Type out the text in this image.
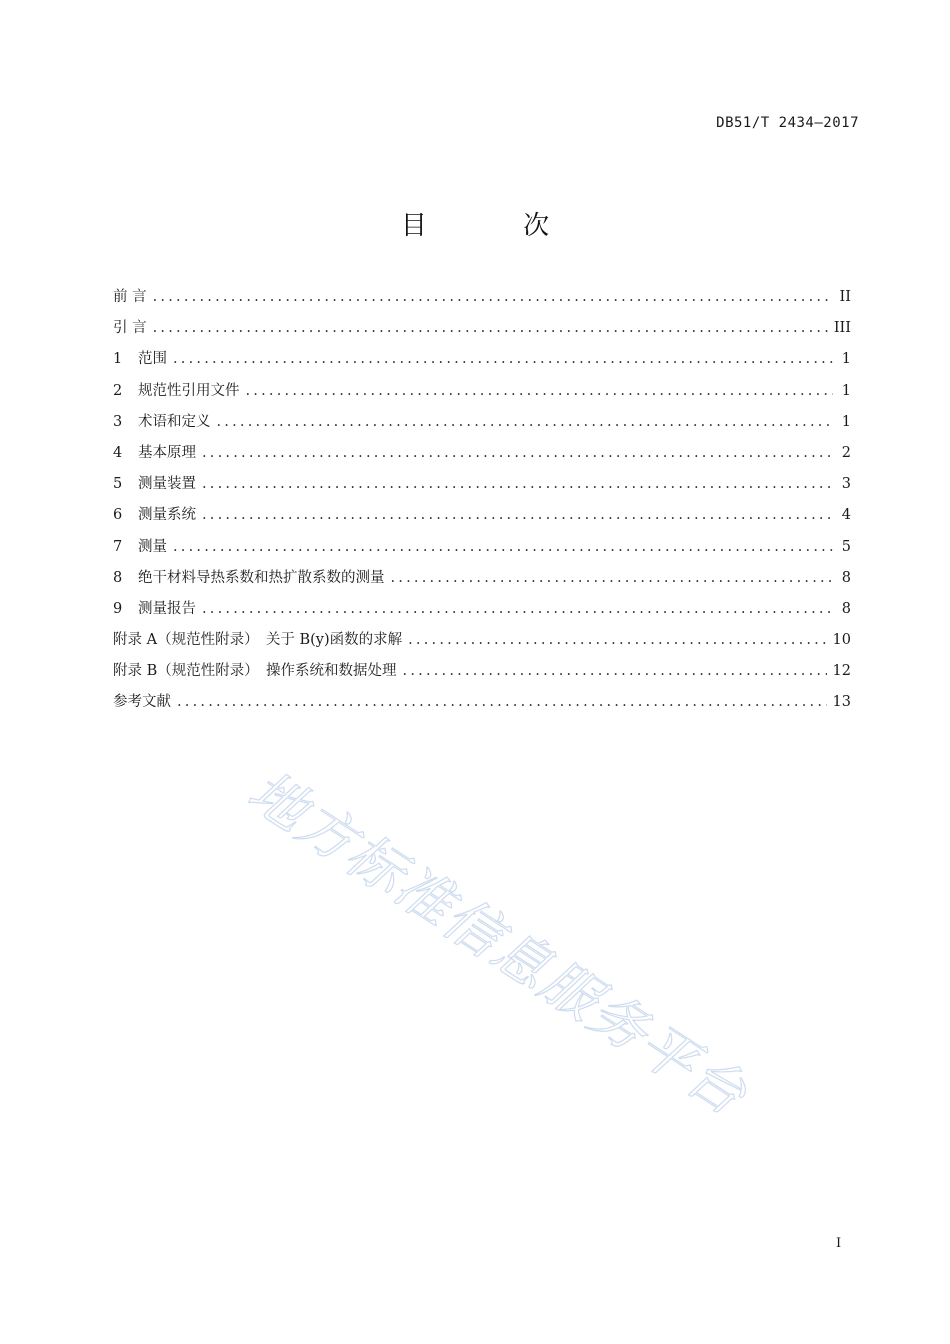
DB51/T 2434—2017
目 次
前 言 .....	II
引 言 .....	III
1 范围 .....	1
2 规范性引用文件 .....	1
3 术语和定义 .....	1
4 基本原理 .....	2
5 测量装置 .....	3
6 测量系统 .....	4
7 测量 .....	5
8 绝干材料导热系数和热扩散系数的测量 .....	8
9 测量报告 .....	8
附录 A（规范性附录）　关于 B(y)函数的求解 .....	10
附录 B（规范性附录）　操作系统和数据处理 .....	12
参考文献 .....	13
地方标准信息服务平台
I
